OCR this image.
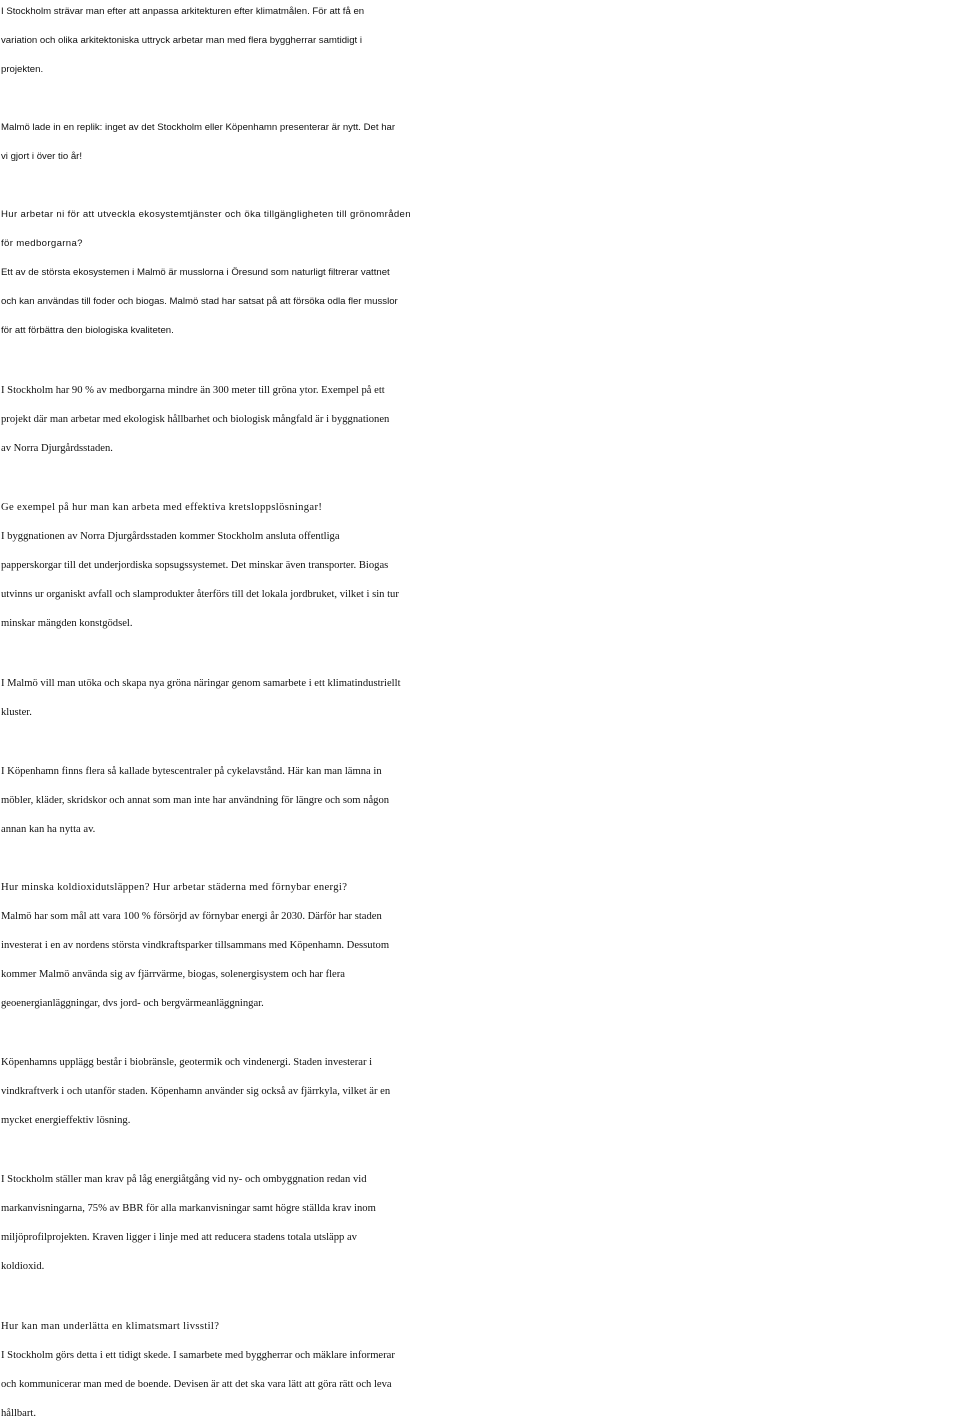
I Stockholm strävar man efter att anpassa arkitekturen efter klimatmålen. För att få en
variation och olika arkitektoniska uttryck arbetar man med flera byggherrar samtidigt i
projekten.
Malmö lade in en replik: inget av det Stockholm eller Köpenhamn presenterar är nytt. Det har
vi gjort i över tio år!
Hur arbetar ni för att utveckla ekosystemtjänster och öka tillgängligheten till grönområden
för medborgarna?
Ett av de största ekosystemen i Malmö är musslorna i Öresund som naturligt filtrerar vattnet
och kan användas till foder och biogas. Malmö stad har satsat på att försöka odla fler musslor
för att förbättra den biologiska kvaliteten.
I Stockholm har 90 % av medborgarna mindre än 300 meter till gröna ytor. Exempel på ett
projekt där man arbetar med ekologisk hållbarhet och biologisk mångfald är i byggnationen
av Norra Djurgårdsstaden.
Ge exempel på hur man kan arbeta med effektiva kretsloppslösningar!
I byggnationen av Norra Djurgårdsstaden kommer Stockholm ansluta offentliga
papperskorgar till det underjordiska sopsugssystemet. Det minskar även transporter. Biogas
utvinns ur organiskt avfall och slamprodukter återförs till det lokala jordbruket, vilket i sin tur
minskar mängden konstgödsel.
I Malmö vill man utöka och skapa nya gröna näringar genom samarbete i ett klimatindustriellt
kluster.
I Köpenhamn finns flera så kallade bytescentraler på cykelavstånd. Här kan man lämna in
möbler, kläder, skridskor och annat som man inte har användning för längre och som någon
annan kan ha nytta av.
Hur minska koldioxidutsläppen? Hur arbetar städerna med förnybar energi?
Malmö har som mål att vara 100 % försörjd av förnybar energi år 2030. Därför har staden
investerat i en av nordens största vindkraftsparker tillsammans med Köpenhamn. Dessutom
kommer Malmö använda sig av fjärrvärme, biogas, solenergisystem och har flera
geoenergianläggningar, dvs jord- och bergvärmeanläggningar.
Köpenhamns upplägg består i biobränsle, geotermik och vindenergi. Staden investerar i
vindkraftverk i och utanför staden. Köpenhamn använder sig också av fjärrkyla, vilket är en
mycket energieffektiv lösning.
I Stockholm ställer man krav på låg energiåtgång vid ny- och ombyggnation redan vid
markanvisningarna, 75% av BBR för alla markanvisningar samt högre ställda krav inom
miljöprofilprojekten. Kraven ligger i linje med att reducera stadens totala utsläpp av
koldioxid.
Hur kan man underlätta en klimatsmart livsstil?
I Stockholm görs detta i ett tidigt skede. I samarbete med byggherrar och mäklare informerar
och kommunicerar man med de boende. Devisen är att det ska vara lätt att göra rätt och leva
hållbart.
